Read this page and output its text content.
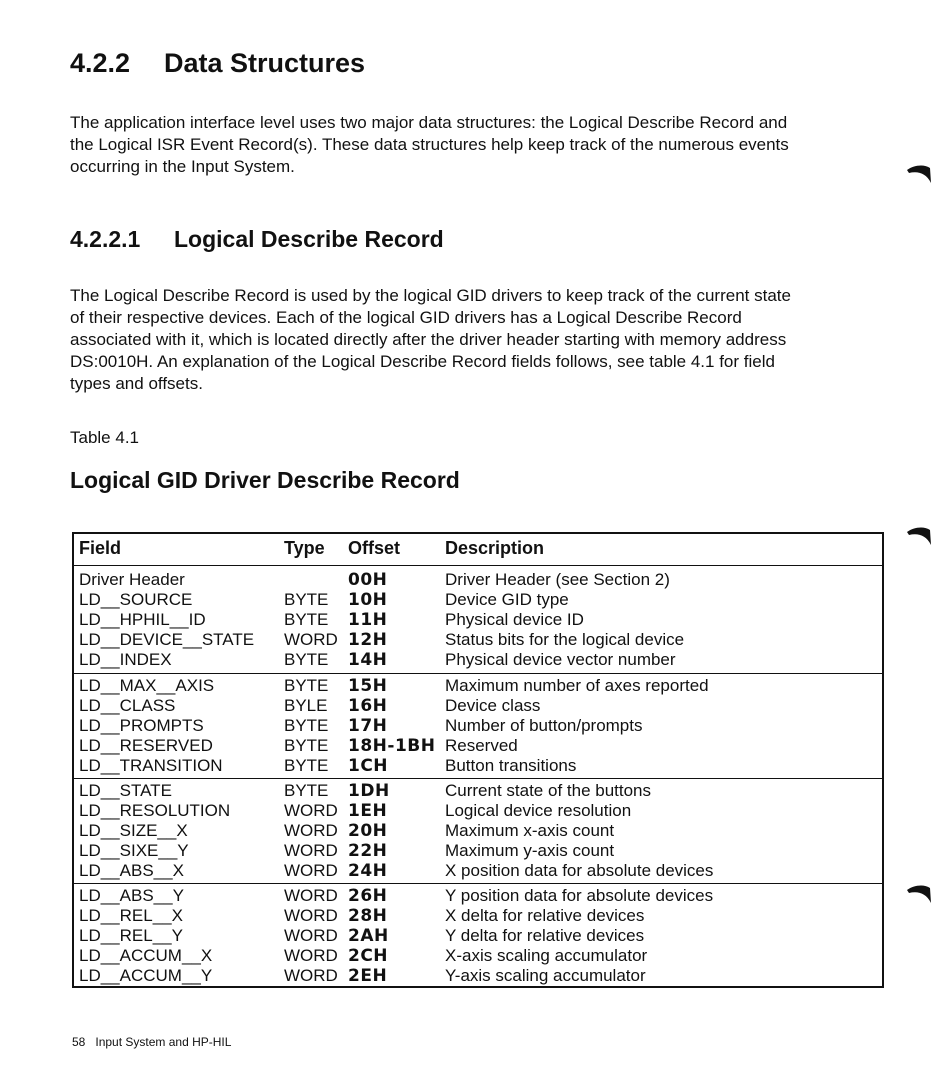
4.2.2 Data Structures

The application interface level uses two major data structures: the Logical Describe Record and
the Logical ISR Event Record(s). These data structures help keep track of the numerous events
occurring in the Input System.

4.2.2.1 Logical Describe Record

The Logical Describe Record is used by the logical GID drivers to keep track of the current state
of their respective devices. Each of the logical GID drivers has a Logical Describe Record
associated with it, which is located directly after the driver header starting with memory address
DS:0010H. An explanation of the Logical Describe Record fields follows, see table 4.1 for field
types and offsets.

Table 4.1

Logical GID Driver Describe Record
Field	Type Offset Description
Driver Header	00H	Driver Header (see Section 2)
LD__SOURCE	BYTE 10H	Device GID type
LD__HPHIL__ID	BYTE 11H	Physical device ID
LD__DEVICE__STATE WORD 12H	Status bits for the logical device
LD__INDEX	BYTE 14H	Physical device vector number
LD__MAX__AXIS	BYTE 15H	Maximum number of axes reported
LD__CLASS	BYLE 16H	Device class
LD__PROMPTS	BYTE 17H	Number of button/prompts
LD__RESERVED	BYTE 18H-1BH Reserved
LD__TRANSITION	BYTE 1CH	Button transitions
LD__STATE	BYTE 1DH	Current state of the buttons
LD__RESOLUTION	WORD 1EH	Logical device resolution
LD__SIZE__X	WORD 20H	Maximum x-axis count
LD__SIXE__Y	WORD 22H	Maximum y-axis count
LD__ABS__X	WORD 24H	X position data for absolute devices
LD__ABS__Y	WORD 26H	Y position data for absolute devices
LD__REL__X	WORD 28H	X delta for relative devices
LD__REL__Y	WORD 2AH	Y delta for relative devices
LD__ACCUM__X	WORD 2CH	X-axis scaling accumulator
LD__ACCUM__Y	WORD 2EH	Y-axis scaling accumulator

58 Input System and HP-HIL
